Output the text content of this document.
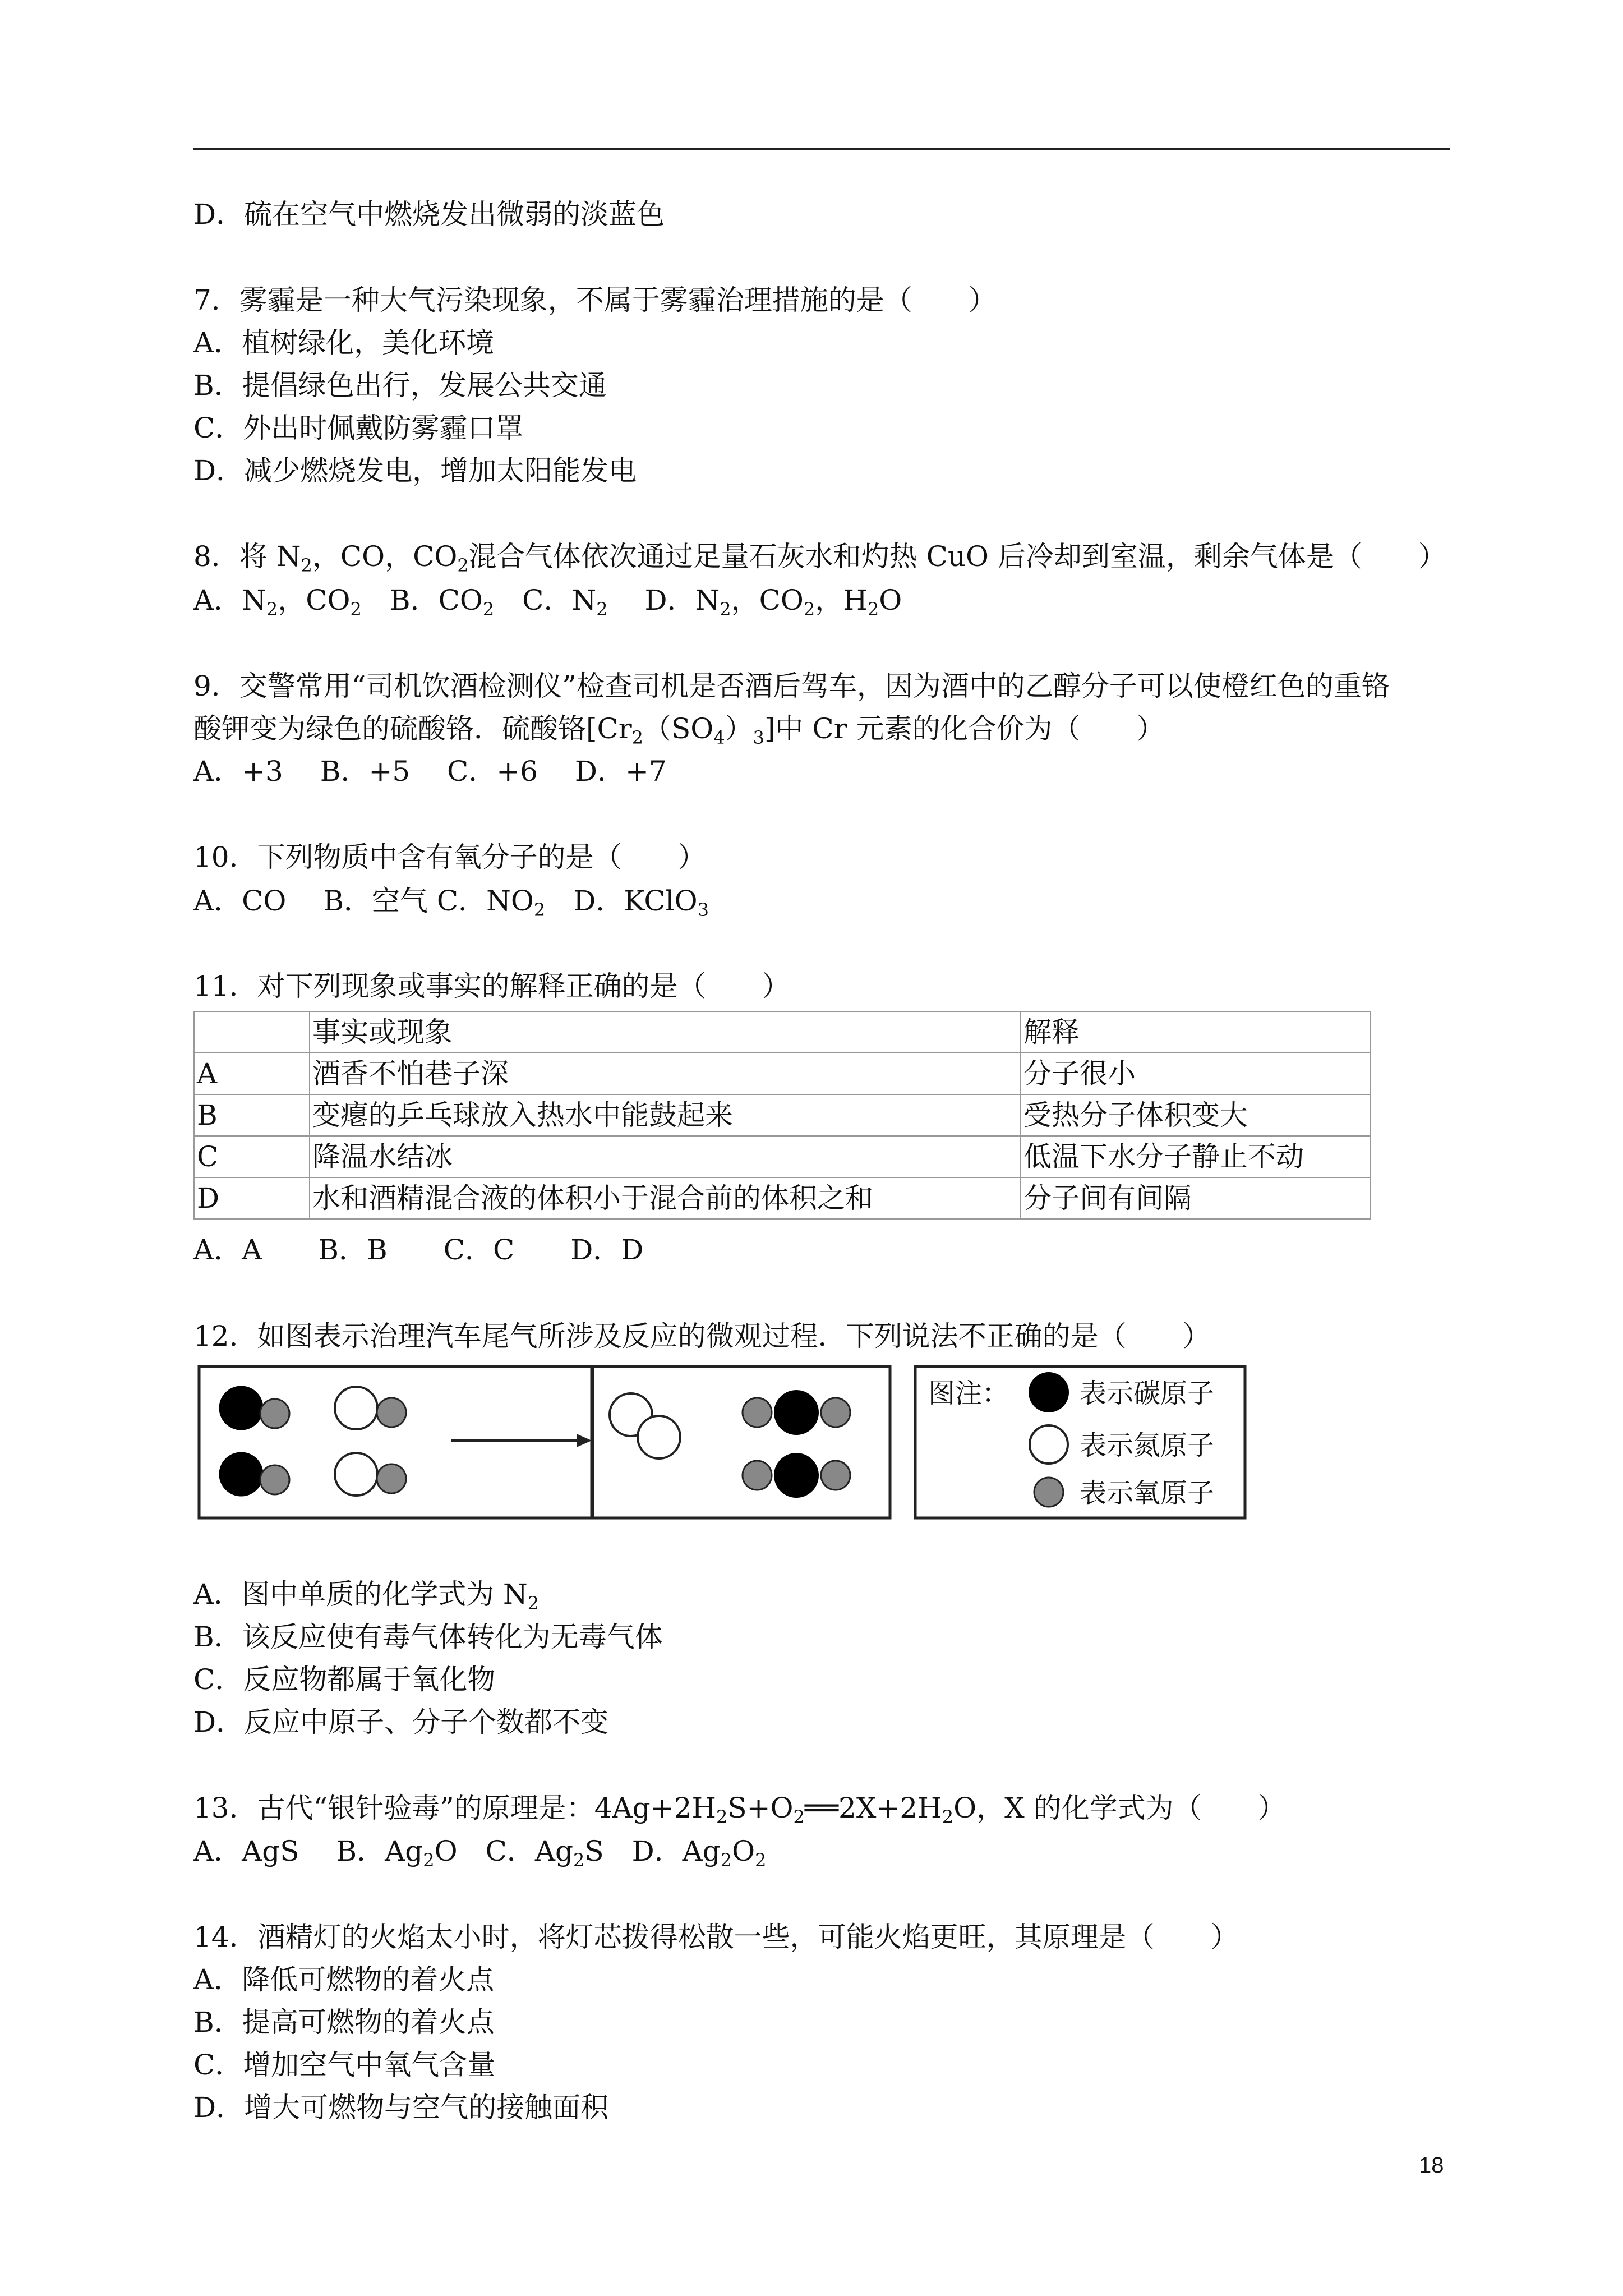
D．硫在空气中燃烧发出微弱的淡蓝色
7．雾霾是一种大气污染现象，不属于雾霾治理措施的是（　　）
A．植树绿化，美化环境
B．提倡绿色出行，发展公共交通
C．外出时佩戴防雾霾口罩
D．减少燃烧发电，增加太阳能发电
8．将 $N_2$，CO，$CO_2$混合气体依次通过足量石灰水和灼热 CuO 后冷却到室温，剩余气体是（　　）
A．$N_2$，$CO_2$　B．$CO_2$　C．$N_2$　 D．$N_2$，$CO_2$，$H_2O$
9．交警常用“司机饮酒检测仪”检查司机是否酒后驾车，因为酒中的乙醇分子可以使橙红色的重铬
酸钾变为绿色的硫酸铬．硫酸铬$[Cr_2(SO_4)_3]$中 Cr 元素的化合价为（　　）
A．+3　 B．+5　 C．+6　 D．+7
10．下列物质中含有氧分子的是（　　）
A．CO　 B．空气 C．$NO_2$　D．KClO$_3$
11．对下列现象或事实的解释正确的是（　　）
	事实或现象	解释
A	酒香不怕巷子深	分子很小
B	变瘪的乒乓球放入热水中能鼓起来	受热分子体积变大
C	降温水结冰	低温下水分子静止不动
D	水和酒精混合液的体积小于混合前的体积之和	分子间有间隔
A．A　　B．B　　C．C　　D．D
12．如图表示治理汽车尾气所涉及反应的微观过程．下列说法不正确的是（　　）
图注：	表示碳原子
表示氮原子
表示氧原子
A．图中单质的化学式为 $N_2$
B．该反应使有毒气体转化为无毒气体
C．反应物都属于氧化物
D．反应中原子、分子个数都不变
13．古代“银针验毒”的原理是：$4Ag+2H_2S+O_2══2X+2H_2O$，X 的化学式为（　　）
A．AgS　 B．$Ag_2O$　C．$Ag_2S$　D．$Ag_2O_2$
14．酒精灯的火焰太小时，将灯芯拨得松散一些，可能火焰更旺，其原理是（　　）
A．降低可燃物的着火点
B．提高可燃物的着火点
C．增加空气中氧气含量
D．增大可燃物与空气的接触面积
18
